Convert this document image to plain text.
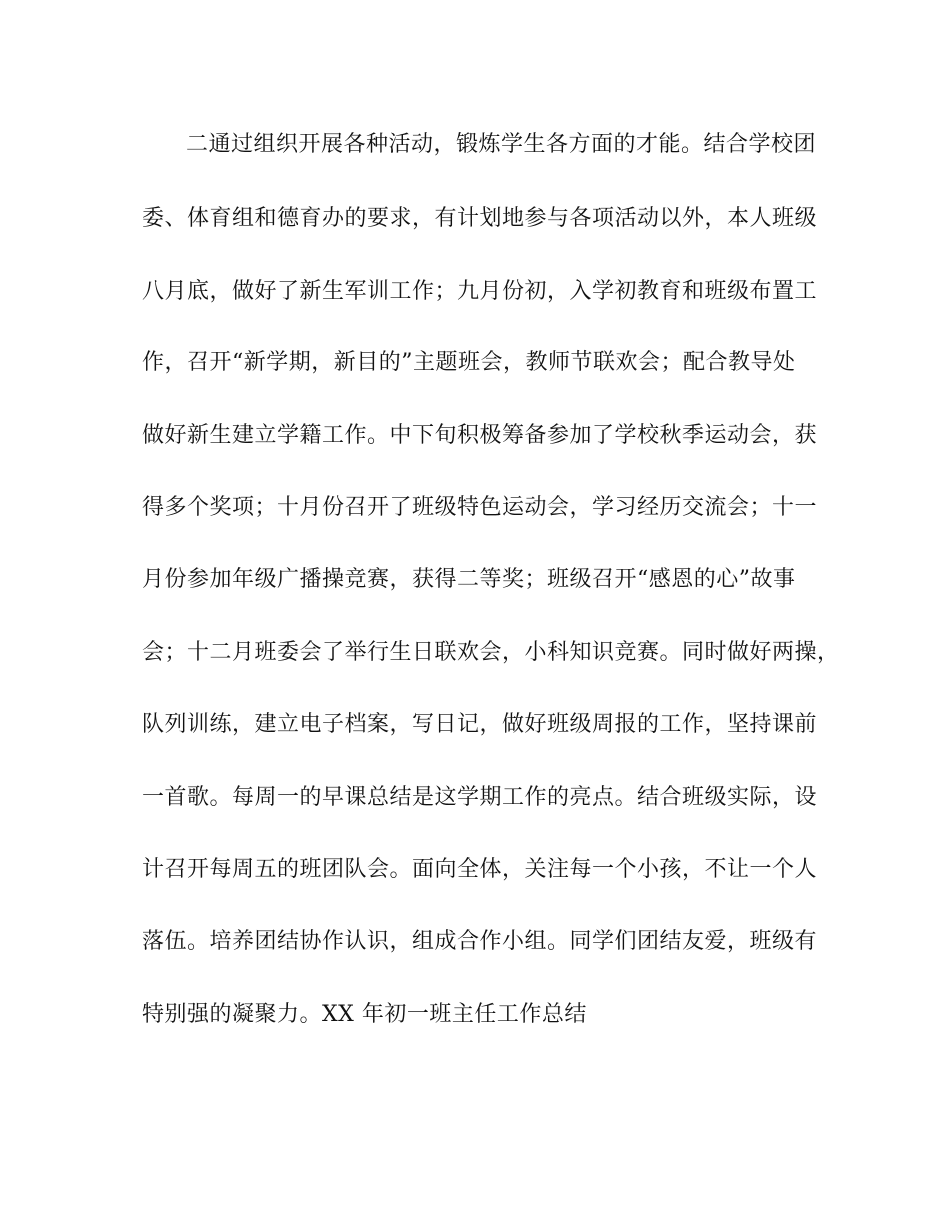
二通过组织开展各种活动，锻炼学生各方面的才能。结合学校团
委、体育组和德育办的要求，有计划地参与各项活动以外，本人班级
八月底，做好了新生军训工作；九月份初，入学初教育和班级布置工
作，召开“新学期，新目的”主题班会，教师节联欢会；配合教导处
做好新生建立学籍工作。中下旬积极筹备参加了学校秋季运动会，获
得多个奖项；十月份召开了班级特色运动会，学习经历交流会；十一
月份参加年级广播操竞赛，获得二等奖；班级召开“感恩的心”故事
会；十二月班委会了举行生日联欢会，小科知识竞赛。同时做好两操，
队列训练，建立电子档案，写日记，做好班级周报的工作，坚持课前
一首歌。每周一的早课总结是这学期工作的亮点。结合班级实际，设
计召开每周五的班团队会。面向全体，关注每一个小孩，不让一个人
落伍。培养团结协作认识，组成合作小组。同学们团结友爱，班级有
特别强的凝聚力。XX 年初一班主任工作总结
